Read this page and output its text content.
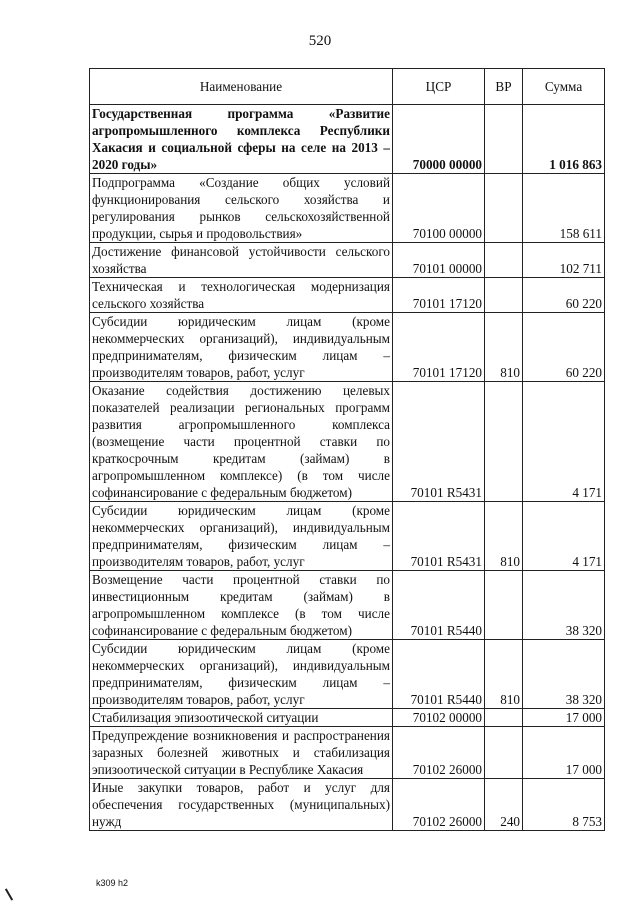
520
Наименование	ЦСР	ВР	Сумма
Государственная программа «Развитие агропромышленного комплекса Республики Хакасия и социальной сферы на селе на 2013 – 2020 годы»	70000 00000		1 016 863
Подпрограмма «Создание общих условий функционирования сельского хозяйства и регулирования рынков сельскохозяйственной продукции, сырья и продовольствия»	70100 00000		158 611
Достижение финансовой устойчивости сельского хозяйства	70101 00000		102 711
Техническая и технологическая модернизация сельского хозяйства	70101 17120		60 220
Субсидии юридическим лицам (кроме некоммерческих организаций), индивидуальным предпринимателям, физическим лицам – производителям товаров, работ, услуг	70101 17120	810	60 220
Оказание содействия достижению целевых показателей реализации региональных программ развития агропромышленного комплекса (возмещение части процентной ставки по краткосрочным кредитам (займам) в агропромышленном комплексе) (в том числе софинансирование с федеральным бюджетом)	70101 R5431		4 171
Субсидии юридическим лицам (кроме некоммерческих организаций), индивидуальным предпринимателям, физическим лицам – производителям товаров, работ, услуг	70101 R5431	810	4 171
Возмещение части процентной ставки по инвестиционным кредитам (займам) в агропромышленном комплексе (в том числе софинансирование с федеральным бюджетом)	70101 R5440		38 320
Субсидии юридическим лицам (кроме некоммерческих организаций), индивидуальным предпринимателям, физическим лицам – производителям товаров, работ, услуг	70101 R5440	810	38 320
Стабилизация эпизоотической ситуации	70102 00000		17 000
Предупреждение возникновения и распространения заразных болезней животных и стабилизация эпизоотической ситуации в Республике Хакасия	70102 26000		17 000
Иные закупки товаров, работ и услуг для обеспечения государственных (муниципальных) нужд	70102 26000	240	8 753
k309 h2
